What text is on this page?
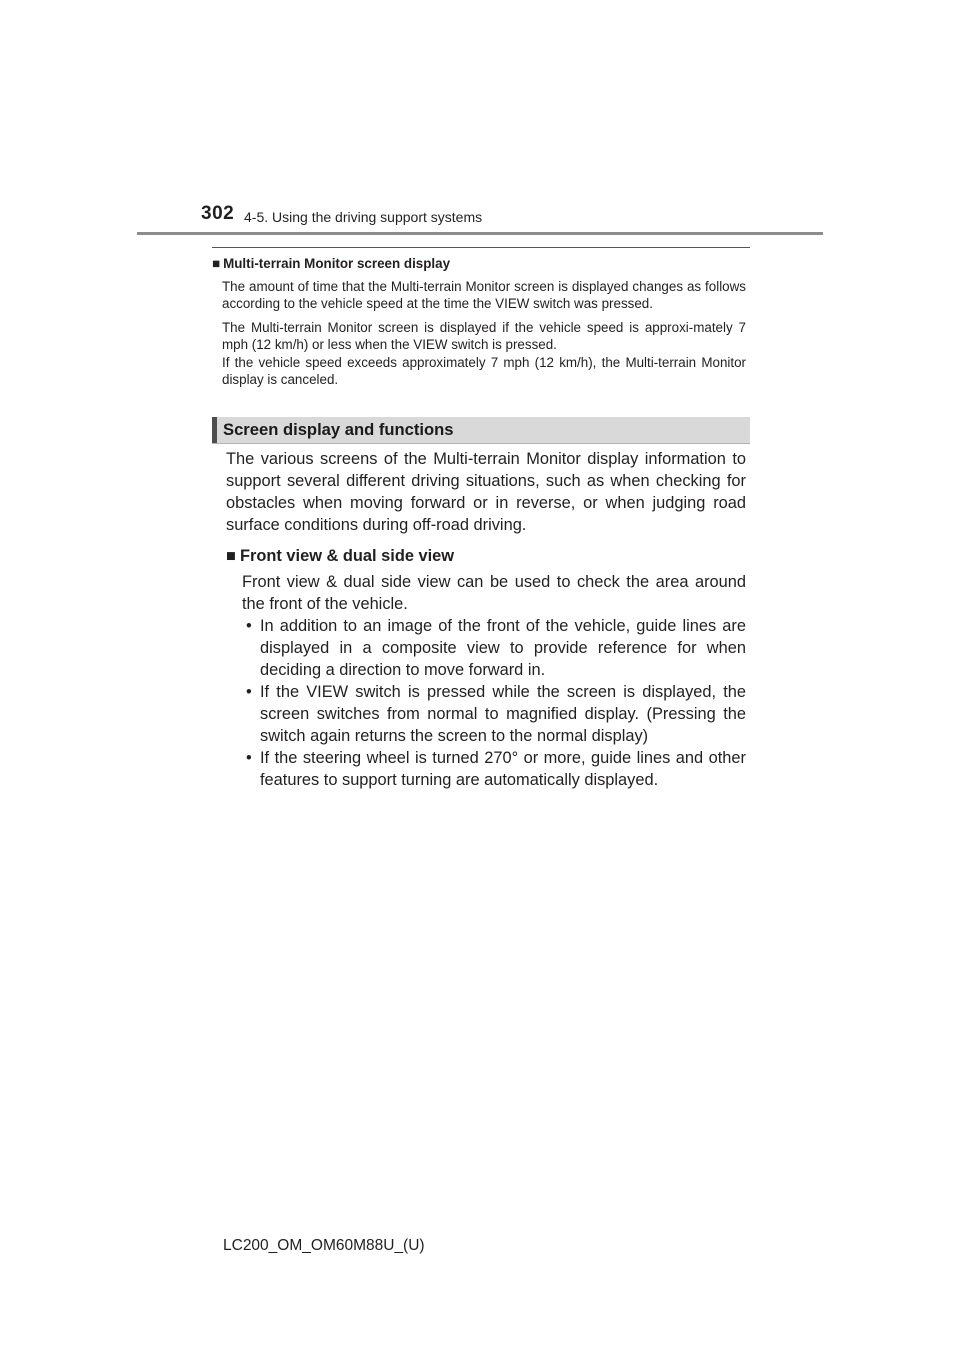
302 4-5. Using the driving support systems

■ Multi-terrain Monitor screen display

The amount of time that the Multi-terrain Monitor screen is displayed changes as follows according to the vehicle speed at the time the VIEW switch was pressed.

The Multi-terrain Monitor screen is displayed if the vehicle speed is approxi-mately 7 mph (12 km/h) or less when the VIEW switch is pressed.

If the vehicle speed exceeds approximately 7 mph (12 km/h), the Multi-terrain Monitor display is canceled.

Screen display and functions

The various screens of the Multi-terrain Monitor display information to support several different driving situations, such as when checking for obstacles when moving forward or in reverse, or when judging road surface conditions during off-road driving.

■ Front view & dual side view

Front view & dual side view can be used to check the area around the front of the vehicle.

• In addition to an image of the front of the vehicle, guide lines are displayed in a composite view to provide reference for when deciding a direction to move forward in.
• If the VIEW switch is pressed while the screen is displayed, the screen switches from normal to magnified display. (Pressing the switch again returns the screen to the normal display)
• If the steering wheel is turned 270° or more, guide lines and other features to support turning are automatically displayed.
LC200_OM_OM60M88U_(U)
